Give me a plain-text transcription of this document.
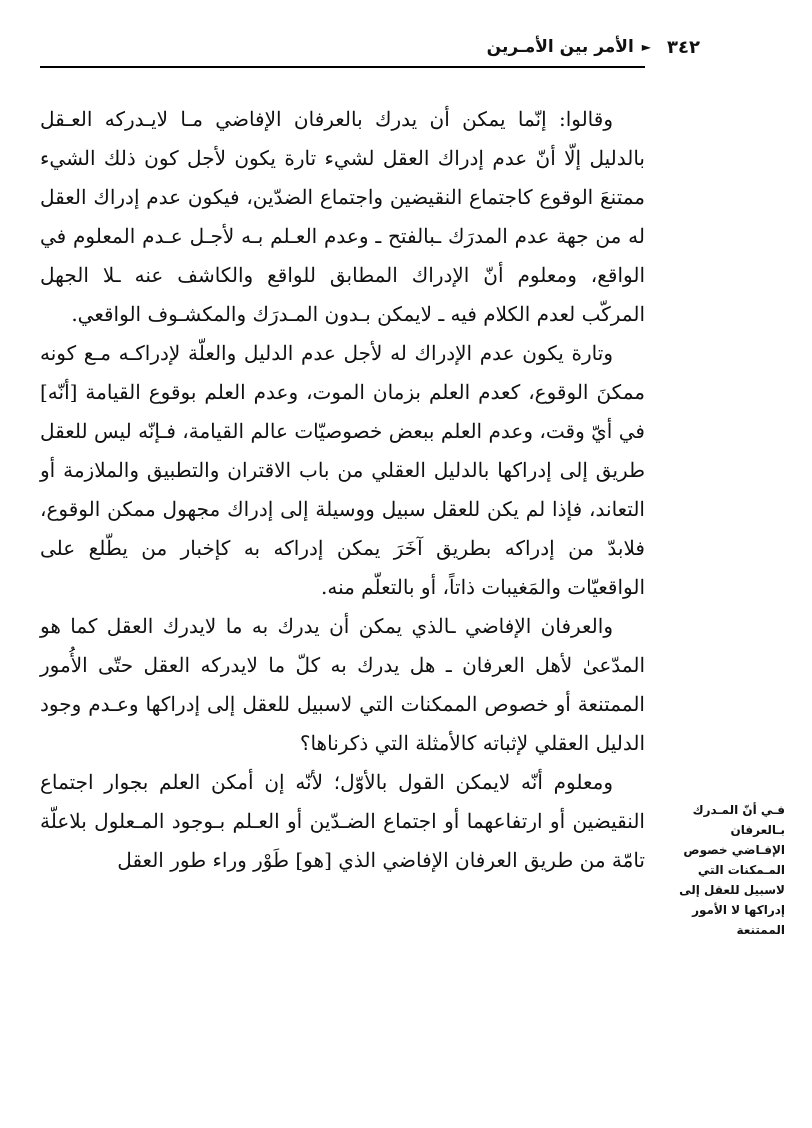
الأمر بين الأمـرين ► ٣٤٢

وقالوا: إنّما يمكن أن يدرك بالعرفان الإفاضي مـا لايـدركه العـقل بالدليل إلّا أنّ عدم إدراك العقل لشيء تارة يكون لأجل كون ذلك الشيء ممتنعَ الوقوع كاجتماع النقيضين واجتماع الضدّين، فيكون عدم إدراك العقل له من جهة عدم المدرَك ـبالفتح ـ وعدم العـلم بـه لأجـل عـدم المعلوم في الواقع، ومعلوم أنّ الإدراك المطابق للواقع والكاشف عنه ـلا الجهل المركّب لعدم الكلام فيه ـ لايمكن بـدون المـدرَك والمكشـوف الواقعي.

وتارة يكون عدم الإدراك له لأجل عدم الدليل والعلّة لإدراكـه مـع كونه ممكنَ الوقوع، كعدم العلم بزمان الموت، وعدم العلم بوقوع القيامة [أنّه] في أيّ وقت، وعدم العلم ببعض خصوصيّات عالم القيامة، فـإنّه ليس للعقل طريق إلى إدراكها بالدليل العقلي من باب الاقتران والتطبيق والملازمة أو التعاند، فإذا لم يكن للعقل سبيل ووسيلة إلى إدراك مجهول ممكن الوقوع، فلابدّ من إدراكه بطريق آخَرَ يمكن إدراكه به كإخبار من يطّلع على الواقعيّات والمَغيبات ذاتاً، أو بالتعلّم منه.

والعرفان الإفاضي ـالذي يمكن أن يدرك به ما لايدرك العقل كما هو المدّعیٰ لأهل العرفان ـ هل يدرك به كلّ ما لايدركه العقل حتّى الأُمور الممتنعة أو خصوص الممكنات التي لاسبيل للعقل إلى إدراكها وعـدم وجود الدليل العقلي لإثباته كالأمثلة التي ذكرناها؟

ومعلوم أنّه لايمكن القول بالأوّل؛ لأنّه إن أمكن العلم بجوار اجتماع النقيضين أو ارتفاعهما أو اجتماع الضـدّين أو العـلم بـوجود المـعلول بلاعلّة تامّة من طريق العرفان الإفاضي الذي [هو] طَوْر وراء طور العقل

فـي أنّ المـدرك بـالعرفان الإفـاضي خصوص المـمكنات التي لاسبيل للعقل إلى إدراكها لا الأمور الممتنعة
